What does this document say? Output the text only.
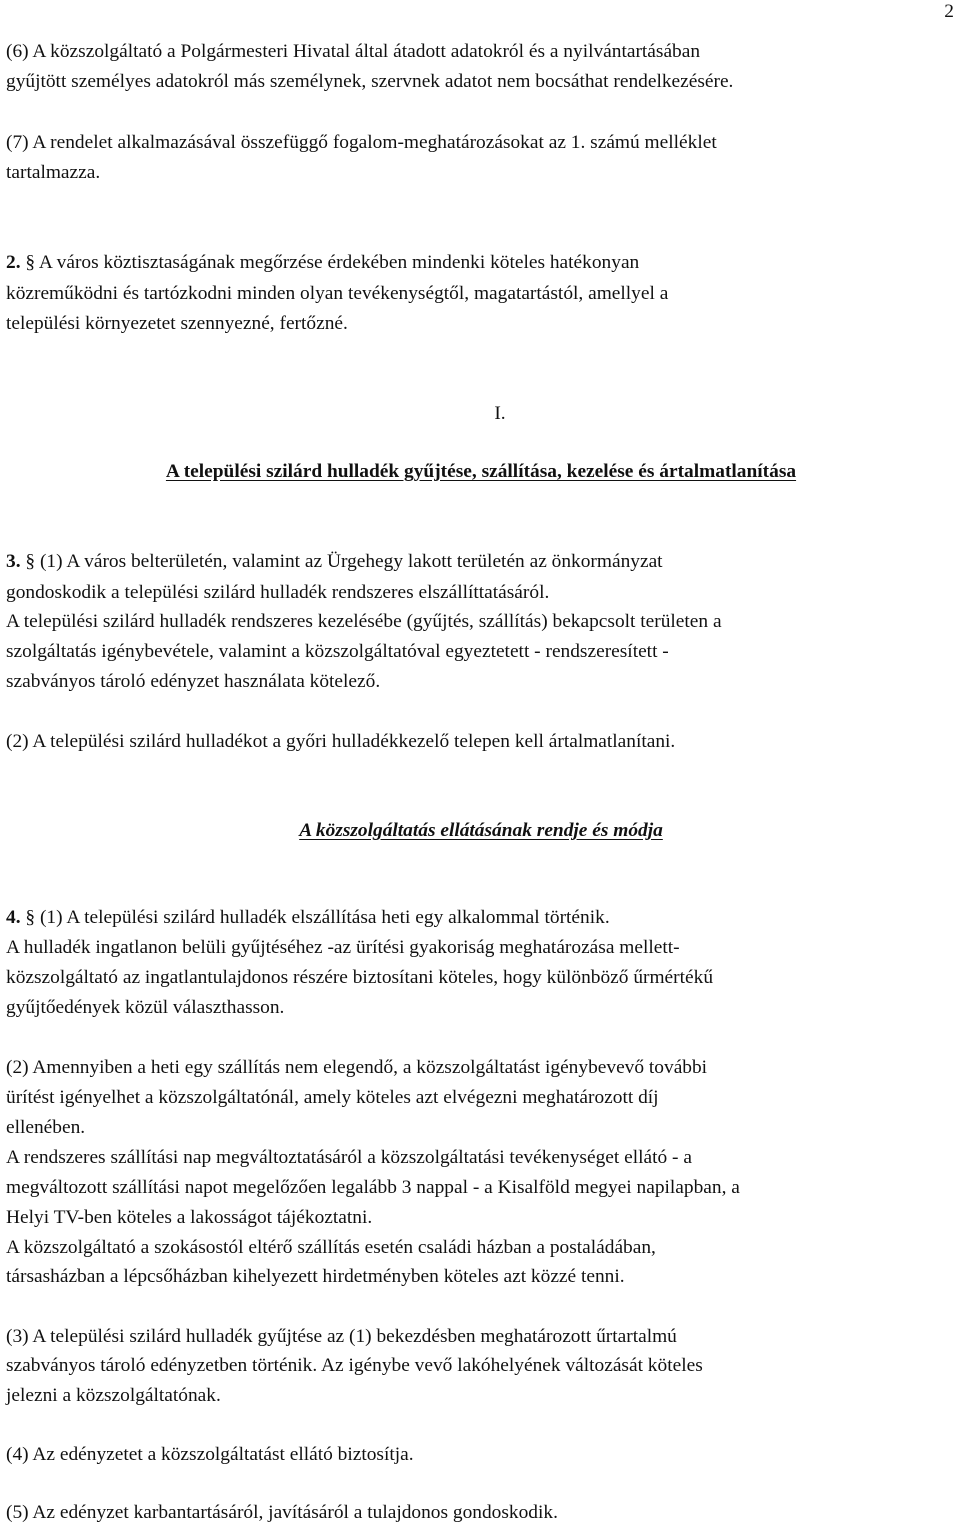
2
(6) A közszolgáltató a Polgármesteri Hivatal által átadott adatokról és a nyilvántartásában
gyűjtött személyes adatokról más személynek, szervnek adatot nem bocsáthat rendelkezésére.
(7) A rendelet alkalmazásával összefüggő fogalom-meghatározásokat az 1. számú melléklet
tartalmazza.
2. § A város köztisztaságának megőrzése érdekében mindenki köteles hatékonyan
közreműködni és tartózkodni minden olyan tevékenységtől, magatartástól, amellyel a
települési környezetet szennyezné, fertőzné.
I.
A települési szilárd hulladék gyűjtése, szállítása, kezelése és ártalmatlanítása
3. § (1) A város belterületén, valamint az Ürgehegy lakott területén az önkormányzat
gondoskodik a települési szilárd hulladék rendszeres elszállíttatásáról.
A települési szilárd hulladék rendszeres kezelésébe (gyűjtés, szállítás) bekapcsolt területen a
szolgáltatás igénybevétele, valamint a közszolgáltatóval egyeztetett - rendszeresített -
szabványos tároló edényzet használata kötelező.
(2) A települési szilárd hulladékot a győri hulladékkezelő telepen kell ártalmatlanítani.
A közszolgáltatás ellátásának rendje és módja
4. § (1) A települési szilárd hulladék elszállítása heti egy alkalommal történik.
A hulladék ingatlanon belüli gyűjtéséhez -az ürítési gyakoriság meghatározása mellett-
közszolgáltató az ingatlantulajdonos részére biztosítani köteles, hogy különböző űrmértékű
gyűjtőedények közül választhasson.
(2) Amennyiben a heti egy szállítás nem elegendő, a közszolgáltatást igénybevevő további
ürítést igényelhet a közszolgáltatónál, amely köteles azt elvégezni meghatározott díj
ellenében.
A rendszeres szállítási nap megváltoztatásáról a közszolgáltatási tevékenységet ellátó - a
megváltozott szállítási napot megelőzően legalább 3 nappal - a Kisalföld megyei napilapban, a
Helyi TV-ben köteles a lakosságot tájékoztatni.
A közszolgáltató a szokásostól eltérő szállítás esetén családi házban a postaládában,
társasházban a lépcsőházban kihelyezett hirdetményben köteles azt közzé tenni.
(3) A települési szilárd hulladék gyűjtése az (1) bekezdésben meghatározott űrtartalmú
szabványos tároló edényzetben történik. Az igénybe vevő lakóhelyének változását köteles
jelezni a közszolgáltatónak.
(4) Az edényzetet a közszolgáltatást ellátó biztosítja.
(5) Az edényzet karbantartásáról, javításáról a tulajdonos gondoskodik.
